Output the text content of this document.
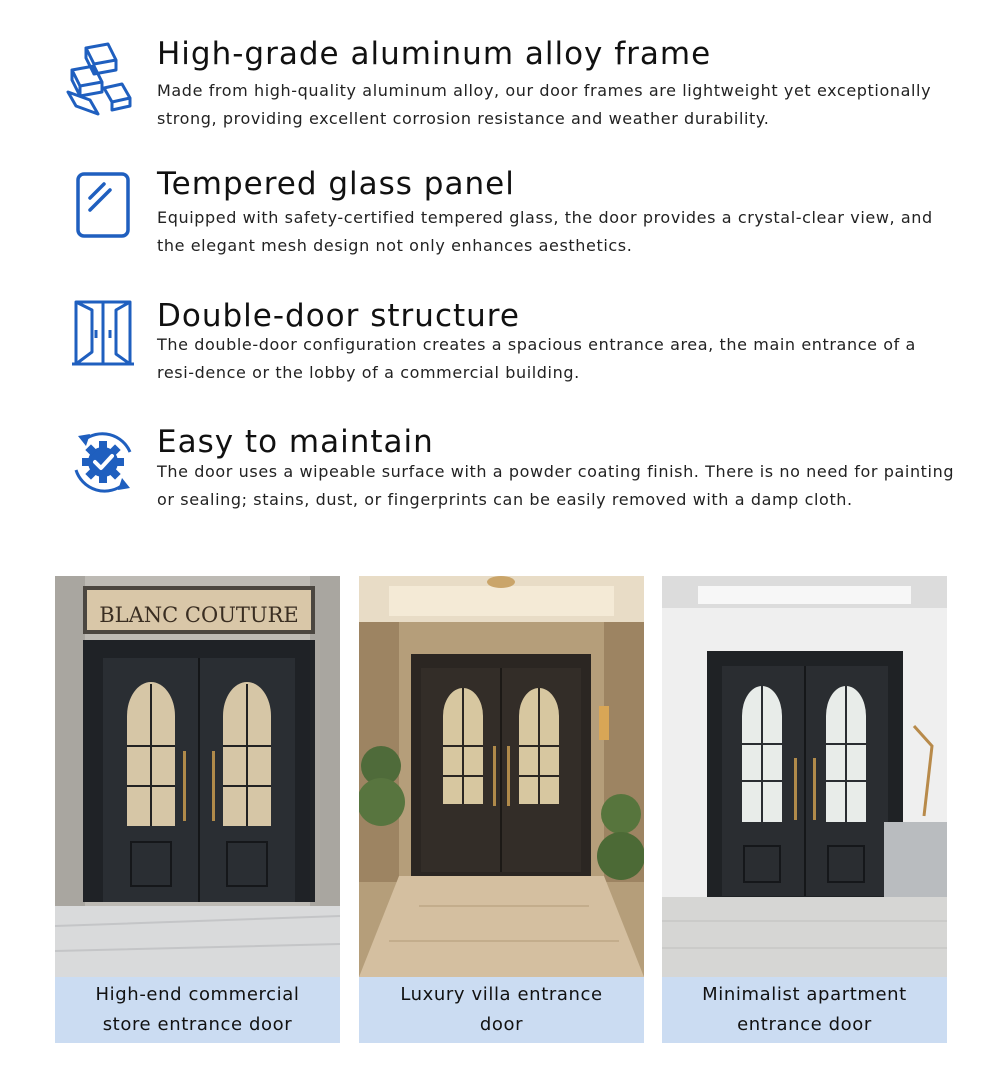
High-grade aluminum alloy frame
Made from high-quality aluminum alloy, our door frames are lightweight yet exceptionally strong, providing excellent corrosion resistance and weather durability.
Tempered glass panel
Equipped with safety-certified tempered glass, the door provides a crystal-clear view, and the elegant mesh design not only enhances aesthetics.
Double-door structure
The double-door configuration creates a spacious entrance area, the main entrance of a resi-dence or the lobby of a commercial building.
Easy to maintain
The door uses a wipeable surface with a powder coating finish. There is no need for painting or sealing; stains, dust, or fingerprints can be easily removed with a damp cloth.
BLANC COUTURE
High-end commercial store entrance door
Luxury villa entrance door
Minimalist apartment entrance door
